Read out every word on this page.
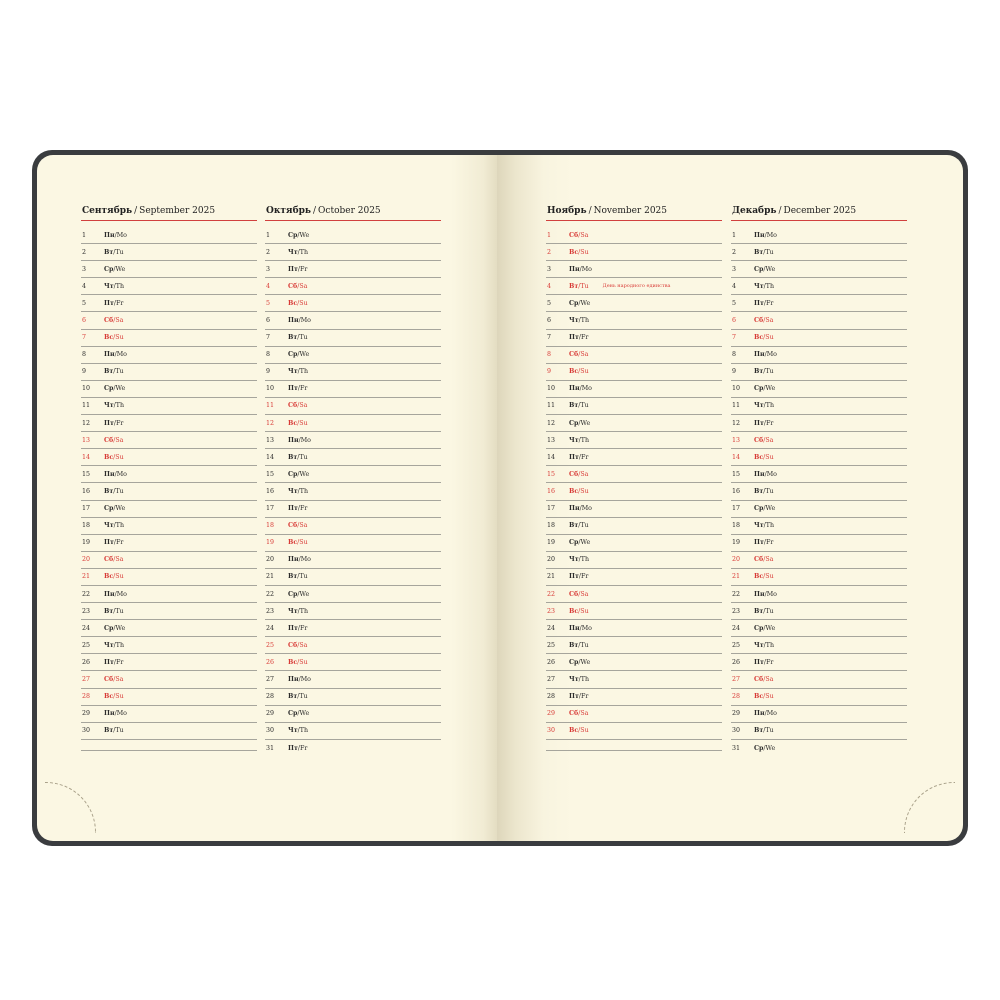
Сентябрь / September 2025
1	Пн/Mo
2	Вт/Tu
3	Ср/We
4	Чт/Th
5	Пт/Fr
6	Сб/Sa
7	Вс/Su
8	Пн/Mo
9	Вт/Tu
10	Ср/We
11	Чт/Th
12	Пт/Fr
13	Сб/Sa
14	Вс/Su
15	Пн/Mo
16	Вт/Tu
17	Ср/We
18	Чт/Th
19	Пт/Fr
20	Сб/Sa
21	Вс/Su
22	Пн/Mo
23	Вт/Tu
24	Ср/We
25	Чт/Th
26	Пт/Fr
27	Сб/Sa
28	Вс/Su
29	Пн/Mo
30	Вт/Tu
Октябрь / October 2025
1	Ср/We
2	Чт/Th
3	Пт/Fr
4	Сб/Sa
5	Вс/Su
6	Пн/Mo
7	Вт/Tu
8	Ср/We
9	Чт/Th
10	Пт/Fr
11	Сб/Sa
12	Вс/Su
13	Пн/Mo
14	Вт/Tu
15	Ср/We
16	Чт/Th
17	Пт/Fr
18	Сб/Sa
19	Вс/Su
20	Пн/Mo
21	Вт/Tu
22	Ср/We
23	Чт/Th
24	Пт/Fr
25	Сб/Sa
26	Вс/Su
27	Пн/Mo
28	Вт/Tu
29	Ср/We
30	Чт/Th
31	Пт/Fr
Ноябрь / November 2025
1	Сб/Sa
2	Вс/Su
3	Пн/Mo
4	Вт/Tu	День народного единства
5	Ср/We
6	Чт/Th
7	Пт/Fr
8	Сб/Sa
9	Вс/Su
10	Пн/Mo
11	Вт/Tu
12	Ср/We
13	Чт/Th
14	Пт/Fr
15	Сб/Sa
16	Вс/Su
17	Пн/Mo
18	Вт/Tu
19	Ср/We
20	Чт/Th
21	Пт/Fr
22	Сб/Sa
23	Вс/Su
24	Пн/Mo
25	Вт/Tu
26	Ср/We
27	Чт/Th
28	Пт/Fr
29	Сб/Sa
30	Вс/Su
Декабрь / December 2025
1	Пн/Mo
2	Вт/Tu
3	Ср/We
4	Чт/Th
5	Пт/Fr
6	Сб/Sa
7	Вс/Su
8	Пн/Mo
9	Вт/Tu
10	Ср/We
11	Чт/Th
12	Пт/Fr
13	Сб/Sa
14	Вс/Su
15	Пн/Mo
16	Вт/Tu
17	Ср/We
18	Чт/Th
19	Пт/Fr
20	Сб/Sa
21	Вс/Su
22	Пн/Mo
23	Вт/Tu
24	Ср/We
25	Чт/Th
26	Пт/Fr
27	Сб/Sa
28	Вс/Su
29	Пн/Mo
30	Вт/Tu
31	Ср/We
